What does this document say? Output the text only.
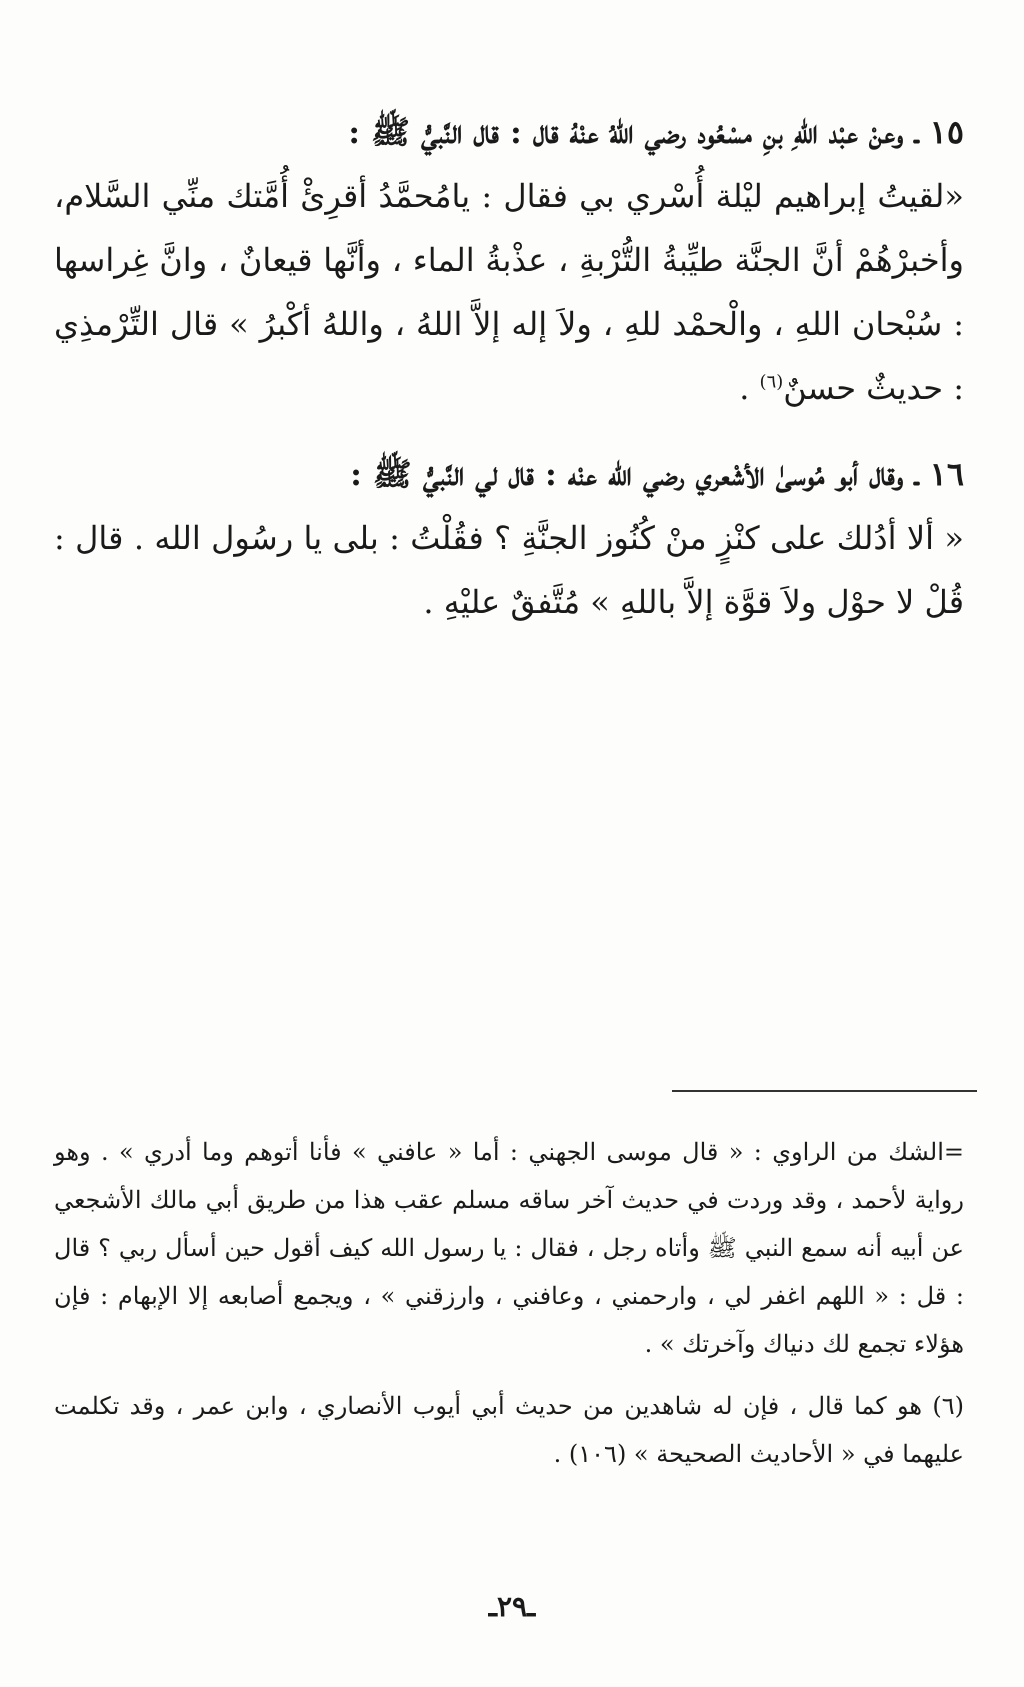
١٥ ـ وعنْ عبْد اللهِ بنِ مسْعُود رضي اللهُ عنْهُ قال : قال النَّبيُّ ﷺ :

«لقيتُ إبراهيم ليْلة أُسْري بي فقال : يامُحمَّدُ أقرِئْ أُمَّتك منِّي السَّلام، وأخبرْهُمْ أنَّ الجنَّة طيِّبةُ التُّرْبةِ ، عذْبةُ الماء ، وأنَّها قيعانٌ ، وانَّ غِراسها : سُبْحان اللهِ ، والْحمْد للهِ ، ولاَ إله إلاَّ اللهُ ، واللهُ أكْبرُ » قال التِّرْمذِي : حديثٌ حسنٌ$^{(٦)}$ .

١٦ ـ وقال أبو مُوسىٰ الأشْعري رضي الله عنْه : قال لي النَّبيُّ ﷺ :

« ألا أدُلك على كنْزٍ منْ كُنُوز الجنَّةِ ؟ فقُلْتُ : بلى يا رسُول الله . قال : قُلْ لا حوْل ولاَ قوَّة إلاَّ باللهِ » مُتَّفقٌ عليْهِ .

=الشك من الراوي : « قال موسى الجهني : أما « عافني » فأنا أتوهم وما أدري » . وهو رواية لأحمد ، وقد وردت في حديث آخر ساقه مسلم عقب هذا من طريق أبي مالك الأشجعي عن أبيه أنه سمع النبي ﷺ وأتاه رجل ، فقال : يا رسول الله كيف أقول حين أسأل ربي ؟ قال : قل : « اللهم اغفر لي ، وارحمني ، وعافني ، وارزقني » ، ويجمع أصابعه إلا الإبهام : فإن هؤلاء تجمع لك دنياك وآخرتك » .

(٦) هو كما قال ، فإن له شاهدين من حديث أبي أيوب الأنصاري ، وابن عمر ، وقد تكلمت عليهما في « الأحاديث الصحيحة » (١٠٦) .

ـ٢٩ـ
